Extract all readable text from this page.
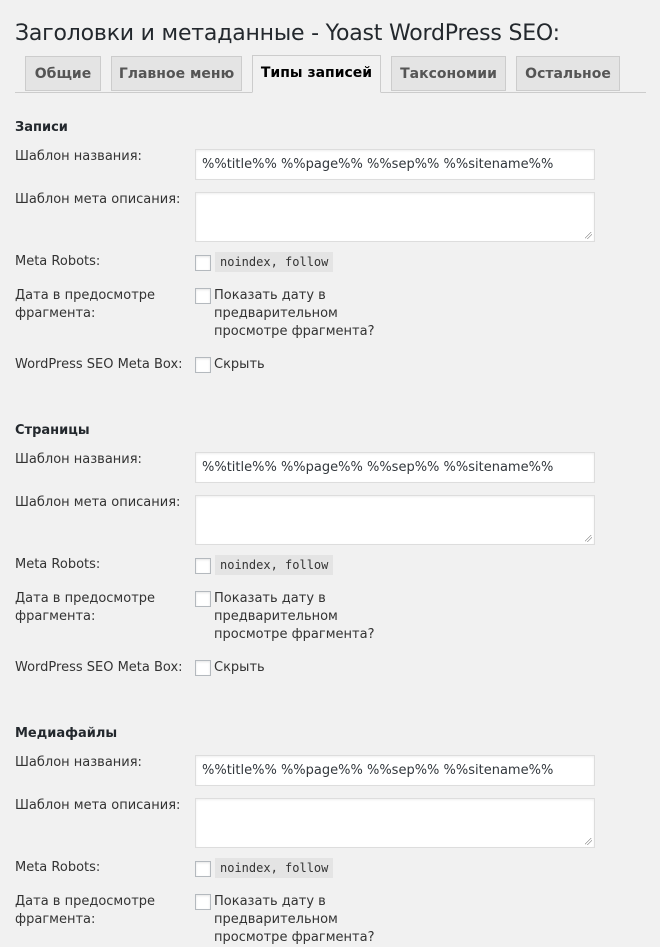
Заголовки и метаданные - Yoast WordPress SEO:
Общие	Главное меню	Типы записей	Таксономии	Остальное
Записи
Шаблон названия:
%%title%% %%page%% %%sep%% %%sitename%%
Шаблон мета описания:
Meta Robots:	noindex, follow
Дата в предосмотре фрагмента:
Показать дату в предварительном просмотре фрагмента?
WordPress SEO Meta Box: Скрыть
Страницы
Шаблон названия:
%%title%% %%page%% %%sep%% %%sitename%%
Шаблон мета описания:
Meta Robots:	noindex, follow
Дата в предосмотре фрагмента:
Показать дату в предварительном просмотре фрагмента?
WordPress SEO Meta Box: Скрыть
Медиафайлы
Шаблон названия:
%%title%% %%page%% %%sep%% %%sitename%%
Шаблон мета описания:
Meta Robots:	noindex, follow
Дата в предосмотре фрагмента:
Показать дату в предварительном просмотре фрагмента?
